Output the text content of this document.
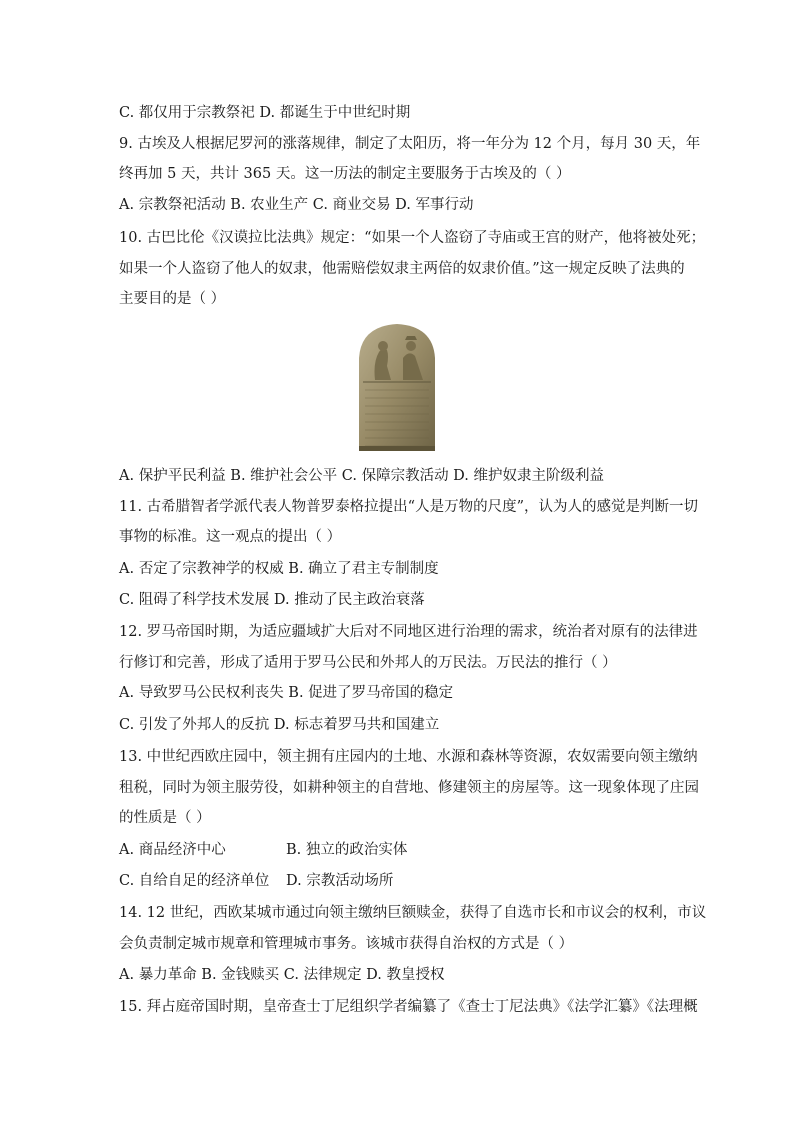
C. 都仅用于宗教祭祀 D. 都诞生于中世纪时期
9. 古埃及人根据尼罗河的涨落规律，制定了太阳历，将一年分为 12 个月，每月 30 天，年
终再加 5 天，共计 365 天。这一历法的制定主要服务于古埃及的（ ）
A. 宗教祭祀活动 B. 农业生产 C. 商业交易 D. 军事行动
10. 古巴比伦《汉谟拉比法典》规定：“如果一个人盗窃了寺庙或王宫的财产，他将被处死；
如果一个人盗窃了他人的奴隶，他需赔偿奴隶主两倍的奴隶价值。”这一规定反映了法典的
主要目的是（ ）
A. 保护平民利益 B. 维护社会公平 C. 保障宗教活动 D. 维护奴隶主阶级利益
11. 古希腊智者学派代表人物普罗泰格拉提出“人是万物的尺度”，认为人的感觉是判断一切
事物的标准。这一观点的提出（ ）
A. 否定了宗教神学的权威 B. 确立了君主专制制度
C. 阻碍了科学技术发展 D. 推动了民主政治衰落
12. 罗马帝国时期，为适应疆域扩大后对不同地区进行治理的需求，统治者对原有的法律进
行修订和完善，形成了适用于罗马公民和外邦人的万民法。万民法的推行（ ）
A. 导致罗马公民权利丧失 B. 促进了罗马帝国的稳定
C. 引发了外邦人的反抗 D. 标志着罗马共和国建立
13. 中世纪西欧庄园中，领主拥有庄园内的土地、水源和森林等资源，农奴需要向领主缴纳
租税，同时为领主服劳役，如耕种领主的自营地、修建领主的房屋等。这一现象体现了庄园
的性质是（ ）
A. 商品经济中心	B. 独立的政治实体
C. 自给自足的经济单位 D. 宗教活动场所
14. 12 世纪，西欧某城市通过向领主缴纳巨额赎金，获得了自选市长和市议会的权利，市议
会负责制定城市规章和管理城市事务。该城市获得自治权的方式是（ ）
A. 暴力革命 B. 金钱赎买 C. 法律规定 D. 教皇授权
15. 拜占庭帝国时期，皇帝查士丁尼组织学者编纂了《查士丁尼法典》《法学汇纂》《法理概
